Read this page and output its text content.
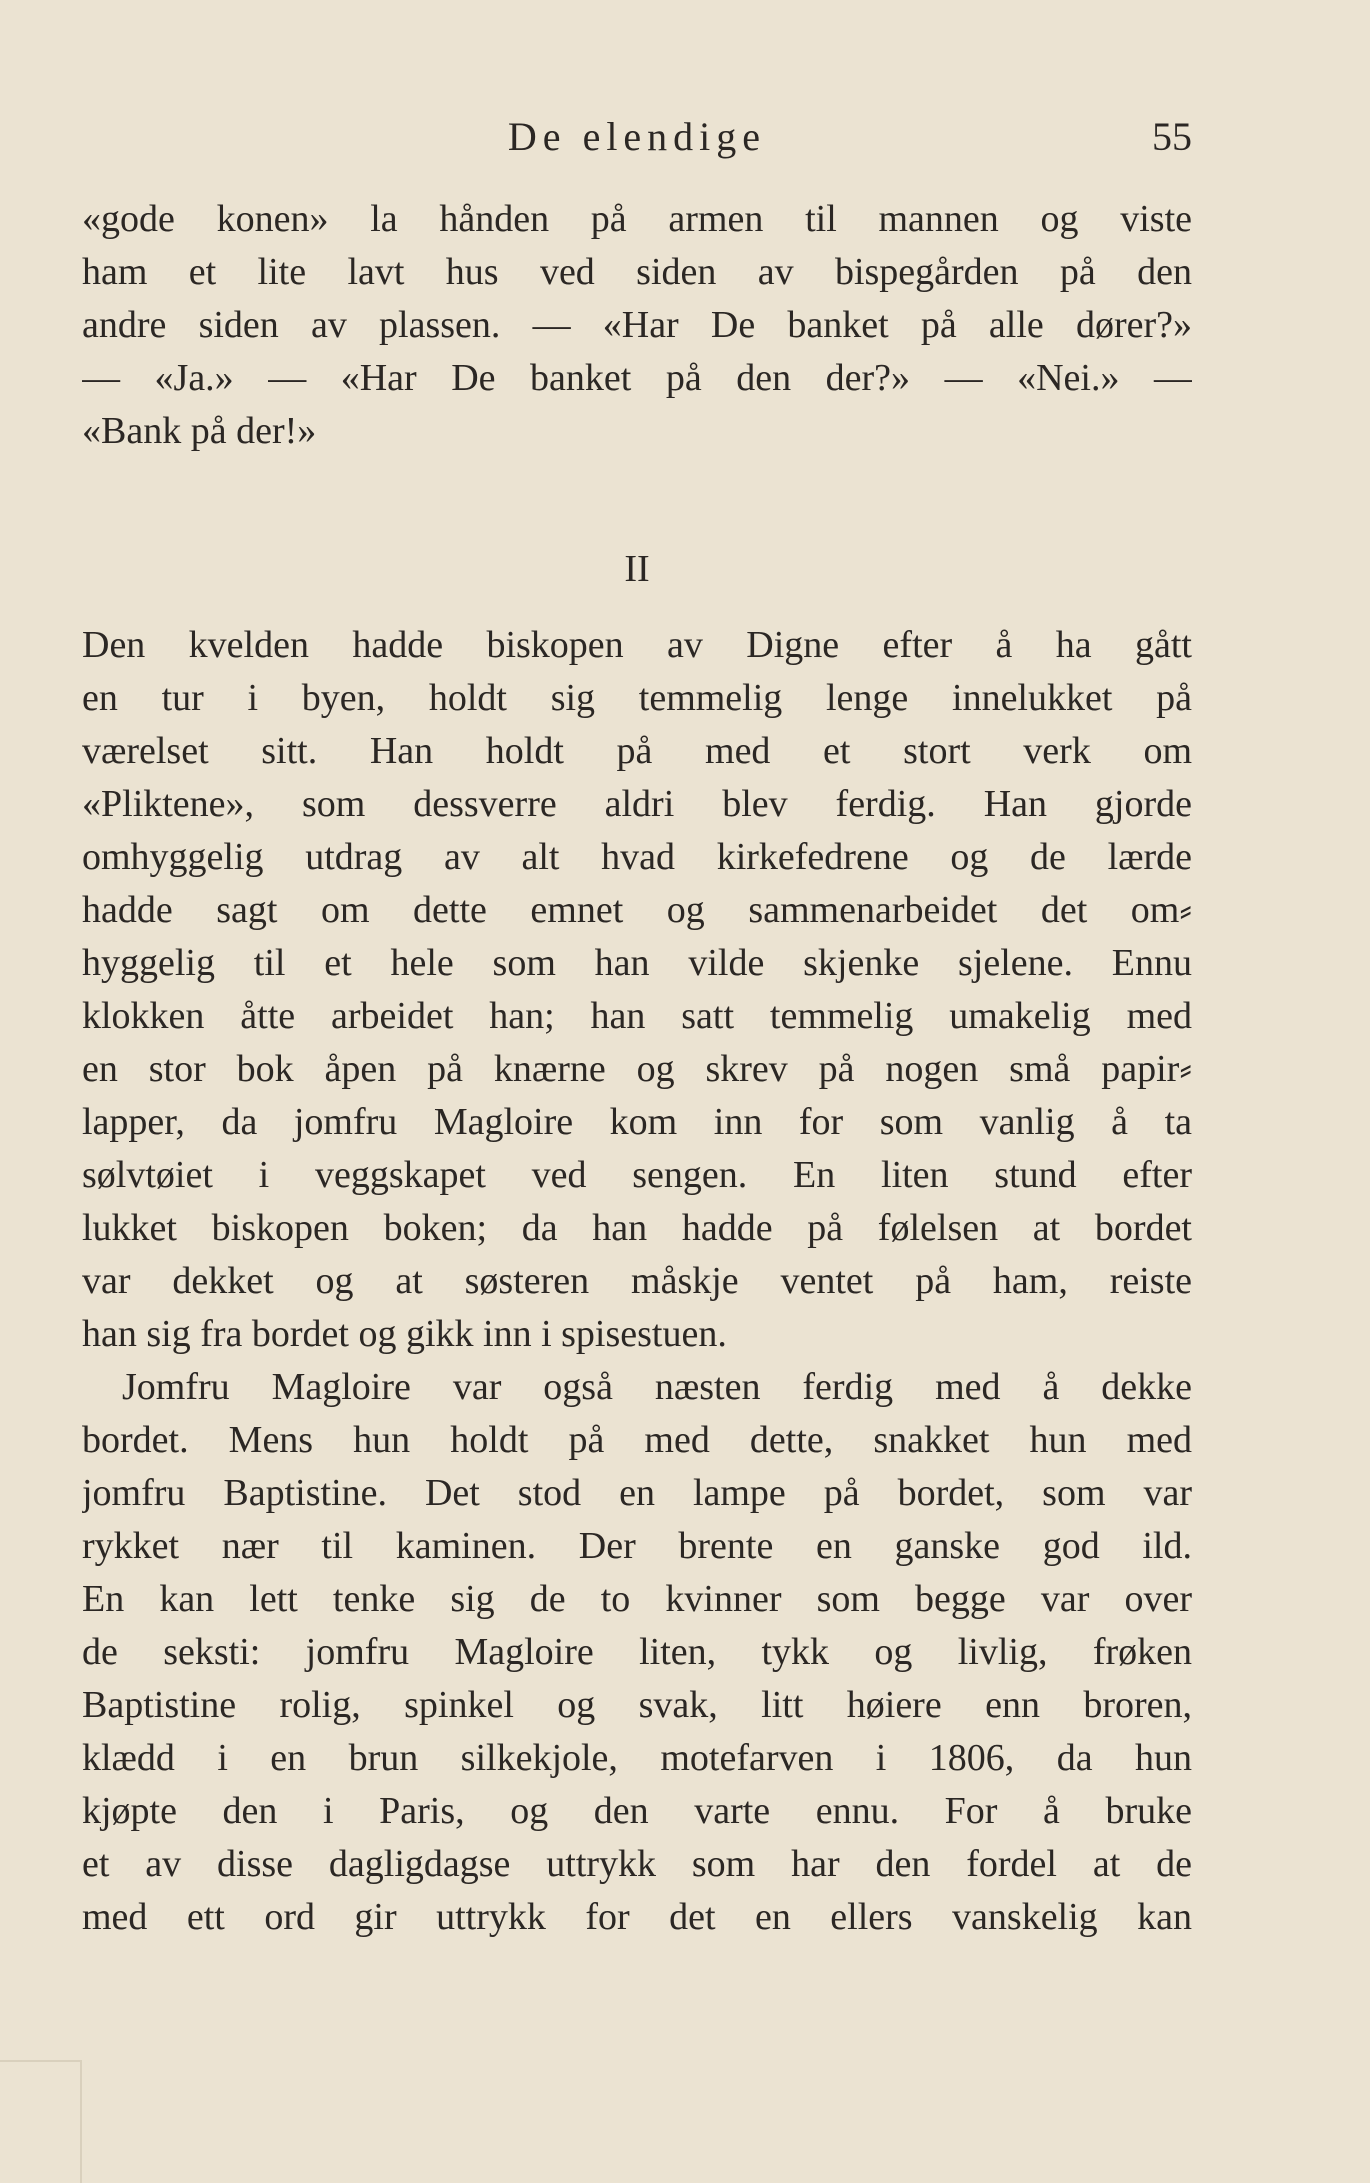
De elendige	55
«gode konen» la hånden på armen til mannen og viste
ham et lite lavt hus ved siden av bispegården på den
andre siden av plassen. — «Har De banket på alle dører?»
— «Ja.» — «Har De banket på den der?» — «Nei.» —
«Bank på der!»
II
Den kvelden hadde biskopen av Digne efter å ha gått
en tur i byen, holdt sig temmelig lenge innelukket på
værelset sitt. Han holdt på med et stort verk om
«Pliktene», som dessverre aldri blev ferdig. Han gjorde
omhyggelig utdrag av alt hvad kirkefedrene og de lærde
hadde sagt om dette emnet og sammenarbeidet det om⸗
hyggelig til et hele som han vilde skjenke sjelene. Ennu
klokken åtte arbeidet han; han satt temmelig umakelig med
en stor bok åpen på knærne og skrev på nogen små papir⸗
lapper, da jomfru Magloire kom inn for som vanlig å ta
sølvtøiet i veggskapet ved sengen. En liten stund efter
lukket biskopen boken; da han hadde på følelsen at bordet
var dekket og at søsteren måskje ventet på ham, reiste
han sig fra bordet og gikk inn i spisestuen.
Jomfru Magloire var også næsten ferdig med å dekke
bordet. Mens hun holdt på med dette, snakket hun med
jomfru Baptistine. Det stod en lampe på bordet, som var
rykket nær til kaminen. Der brente en ganske god ild.
En kan lett tenke sig de to kvinner som begge var over
de seksti: jomfru Magloire liten, tykk og livlig, frøken
Baptistine rolig, spinkel og svak, litt høiere enn broren,
klædd i en brun silkekjole, motefarven i 1806, da hun
kjøpte den i Paris, og den varte ennu. For å bruke
et av disse dagligdagse uttrykk som har den fordel at de
med ett ord gir uttrykk for det en ellers vanskelig kan
